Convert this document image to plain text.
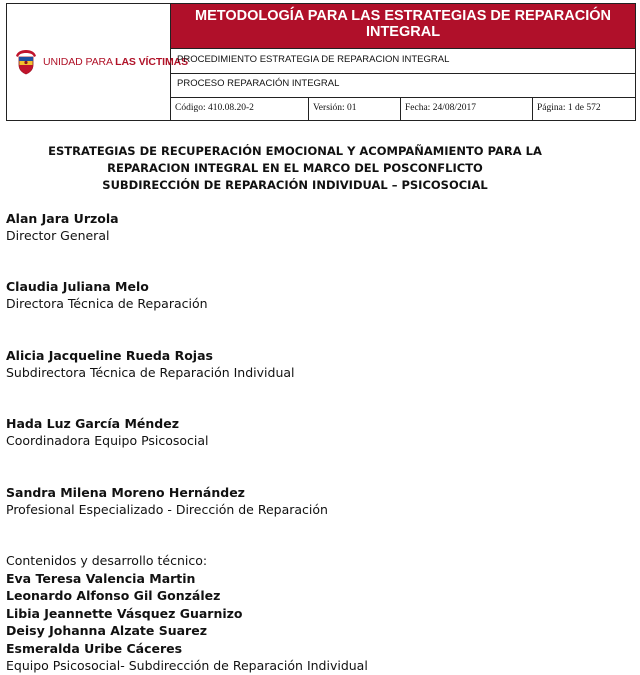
UNIDAD PARA LAS VÍCTIMAS
METODOLOGÍA PARA LAS ESTRATEGIAS DE REPARACIÓN INTEGRAL
PROCEDIMIENTO ESTRATEGIA DE REPARACION INTEGRAL
PROCESO REPARACIÓN INTEGRAL
Código: 410.08.20-2	Versión: 01	Fecha: 24/08/2017	Página: 1 de 572
ESTRATEGIAS DE RECUPERACIÓN EMOCIONAL Y ACOMPAÑAMIENTO PARA LA
REPARACION INTEGRAL EN EL MARCO DEL POSCONFLICTO
SUBDIRECCIÓN DE REPARACIÓN INDIVIDUAL – PSICOSOCIAL
Alan Jara Urzola
Director General
Claudia Juliana Melo
Directora Técnica de Reparación
Alicia Jacqueline Rueda Rojas
Subdirectora Técnica de Reparación Individual
Hada Luz García Méndez
Coordinadora Equipo Psicosocial
Sandra Milena Moreno Hernández
Profesional Especializado - Dirección de Reparación
Contenidos y desarrollo técnico:
Eva Teresa Valencia Martin
Leonardo Alfonso Gil González
Libia Jeannette Vásquez Guarnizo
Deisy Johanna Alzate Suarez
Esmeralda Uribe Cáceres
Equipo Psicosocial- Subdirección de Reparación Individual
